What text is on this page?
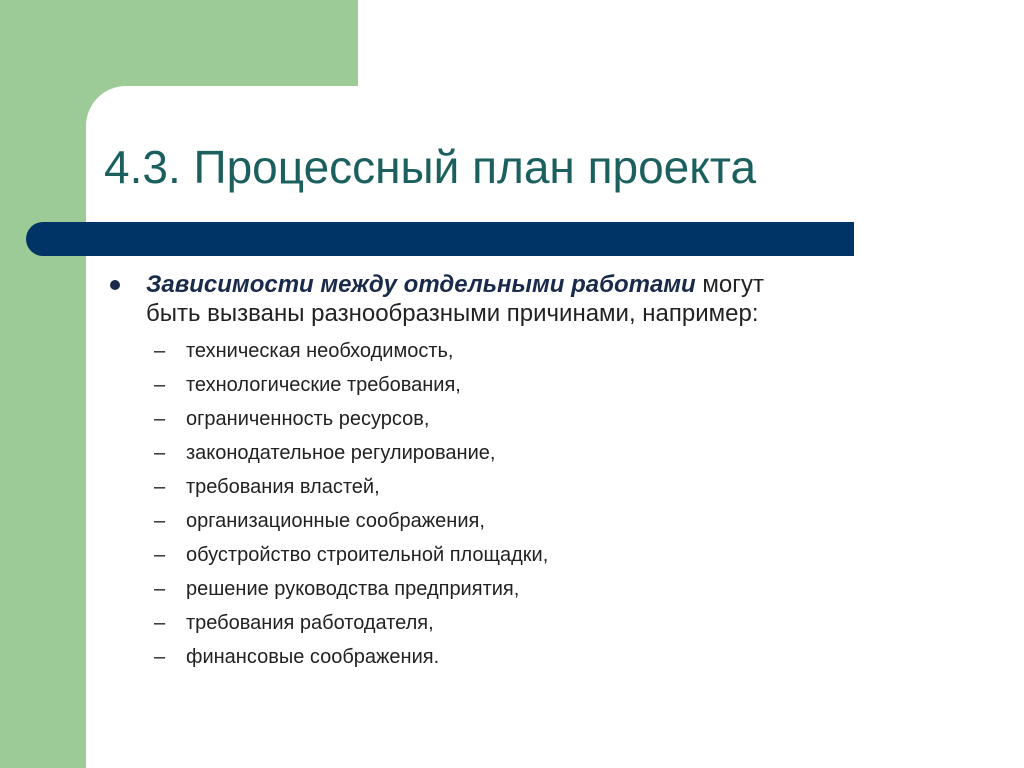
4.3. Процессный план проекта
Зависимости между отдельными работами могут
быть вызваны разнообразными причинами, например:
– техническая необходимость,
– технологические требования,
– ограниченность ресурсов,
– законодательное регулирование,
– требования властей,
– организационные соображения,
– обустройство строительной площадки,
– решение руководства предприятия,
– требования работодателя,
– финансовые соображения.
